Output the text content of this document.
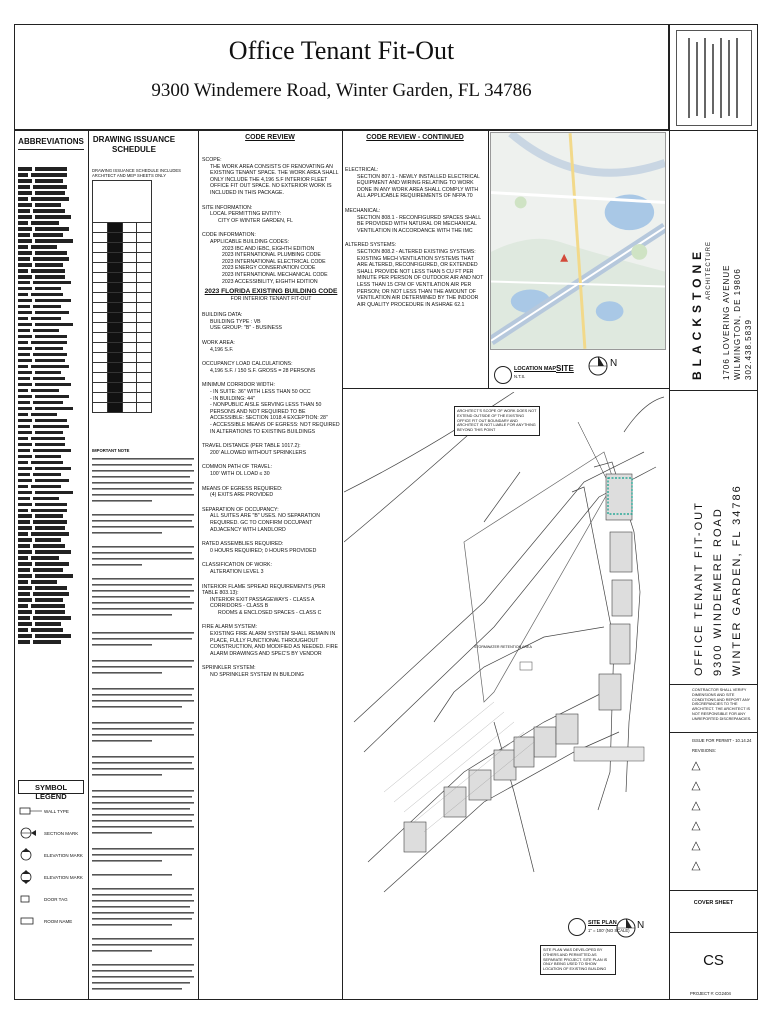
Office Tenant Fit-Out
9300 Windemere Road, Winter Garden, FL 34786
ABBREVIATIONS
SYMBOL LEGEND
WALL TYPE
SECTION MARK
ELEVATION MARK
ELEVATION MARK
DOOR TAG
ROOM NAME
DRAWING ISSUANCE SCHEDULE
DRAWING ISSUANCE SCHEDULE INCLUDES ARCHITECT AND MEP SHEETS ONLY
IMPORTANT NOTE
CODE REVIEW
SCOPE:
THE WORK AREA CONSISTS OF RENOVATING AN EXISTING TENANT SPACE. THE WORK AREA SHALL ONLY INCLUDE THE 4,196 S.F INTERIOR FLEET OFFICE FIT OUT SPACE. NO EXTERIOR WORK IS INCLUDED IN THIS PACKAGE.
SITE INFORMATION:
LOCAL PERMITTING ENTITY:
CITY OF WINTER GARDEN, FL
CODE INFORMATION:
APPLICABLE BUILDING CODES:
2023 IBC AND IEBC, EIGHTH EDITION
2023 INTERNATIONAL PLUMBING CODE
2023 INTERNATIONAL ELECTRICAL CODE
2023 ENERGY CONSERVATION CODE
2023 INTERNATIONAL MECHANICAL CODE
2023 ACCESSIBILITY, EIGHTH EDITION
2023 FLORIDA EXISTING BUILDING CODE
FOR INTERIOR TENANT FIT-OUT
BUILDING DATA:
BUILDING TYPE : VB
USE GROUP: "B" - BUSINESS
WORK AREA:
4,196 S.F.
OCCUPANCY LOAD CALCULATIONS:
4,196 S.F. / 150 S.F. GROSS = 28 PERSONS
MINIMUM CORRIDOR WIDTH:
- IN SUITE: 36" WITH LESS THAN 50 OCC
- IN BUILDING: 44"
- NONPUBLIC AISLE SERVING LESS THAN 50 PERSONS AND NOT REQUIRED TO BE ACCESSIBLE: SECTION 1018.4 EXCEPTION: 28"
- ACCESSIBLE MEANS OF EGRESS: NOT REQUIRED IN ALTERATIONS TO EXISTING BUILDINGS
TRAVEL DISTANCE (PER TABLE 1017.2):
200' ALLOWED WITHOUT SPRINKLERS
COMMON PATH OF TRAVEL:
100' WITH OL LOAD ≤ 30
MEANS OF EGRESS REQUIRED:
(4) EXITS ARE PROVIDED
SEPARATION OF OCCUPANCY:
ALL SUITES ARE "B" USES. NO SEPARATION REQUIRED. GC TO CONFIRM OCCUPANT ADJACENCY WITH LANDLORD
RATED ASSEMBLIES REQUIRED:
0 HOURS REQUIRED; 0 HOURS PROVIDED
CLASSIFICATION OF WORK:
ALTERATION LEVEL 3
INTERIOR FLAME SPREAD REQUIREMENTS (PER TABLE 803.13):
INTERIOR EXIT PASSAGEWAYS - CLASS A
CORRIDORS - CLASS B
ROOMS & ENCLOSED SPACES - CLASS C
FIRE ALARM SYSTEM:
EXISTING FIRE ALARM SYSTEM SHALL REMAIN IN PLACE, FULLY FUNCTIONAL THROUGHOUT CONSTRUCTION, AND MODIFIED AS NEEDED. FIRE ALARM DRAWINGS AND SPEC'S BY VENDOR
SPRINKLER SYSTEM:
NO SPRINKLER SYSTEM IN BUILDING
CODE REVIEW - CONTINUED
ELECTRICAL:
SECTION 807.1 - NEWLY INSTALLED ELECTRICAL EQUIPMENT AND WIRING RELATING TO WORK DONE IN ANY WORK AREA SHALL COMPLY WITH ALL APPLICABLE REQUIREMENTS OF NFPA 70
MECHANICAL:
SECTION 808.1 - RECONFIGURED SPACES SHALL BE PROVIDED WITH NATURAL OR MECHANICAL VENTILATION IN ACCORDANCE WITH THE IMC
ALTERED SYSTEMS:
SECTION 808.2 - ALTERED EXISTING SYSTEMS: EXISTING MECH VENTILATION SYSTEMS THAT ARE ALTERED, RECONFIGURED, OR EXTENDED SHALL PROVIDE NOT LESS THAN 5 CU FT PER MINUTE PER PERSON OF OUTDOOR AIR AND NOT LESS THAN 15 CFM OF VENTILATION AIR PER PERSON; OR NOT LESS THAN THE AMOUNT OF VENTILATION AIR DETERMINED BY THE INDOOR AIR QUALITY PROCEDURE IN ASHRAE 62.1
LOCATION MAP
N.T.S.
SITE	N
STORMWATER RETENTION AREA
ARCHITECT'S SCOPE OF WORK DOES NOT EXTEND OUTSIDE OF THE EXISTING OFFICE FIT OUT BOUNDARY AND ARCHITECT IS NOT LIABLE FOR ANYTHING BEYOND THIS POINT
SITE PLAN WAS DEVELOPED BY OTHERS AND PERMITTED AS SEPARATE PROJECT. SITE PLAN IS ONLY BEING USED TO SHOW LOCATION OF EXISTING BUILDING
SITE PLAN
1" = 100' (NO SCALE) N
BLACKSTONE ARCHITECTURE 1706 LOVERING AVENUE WILMINGTON, DE 19806 302.438.5839
OFFICE TENANT FIT-OUT 9300 WINDEMERE ROAD WINTER GARDEN, FL 34786
CONTRACTOR SHALL VERIFY DIMENSIONS AND SITE CONDITIONS AND REPORT ANY DISCREPANCIES TO THE ARCHITECT. THE ARCHITECT IS NOT RESPONSIBLE FOR ANY UNREPORTED DISCREPANCIES.
ISSUE FOR PERMIT - 10.14.24
REVISIONS:
COVER SHEET
CS
PROJECT #: CG2404
